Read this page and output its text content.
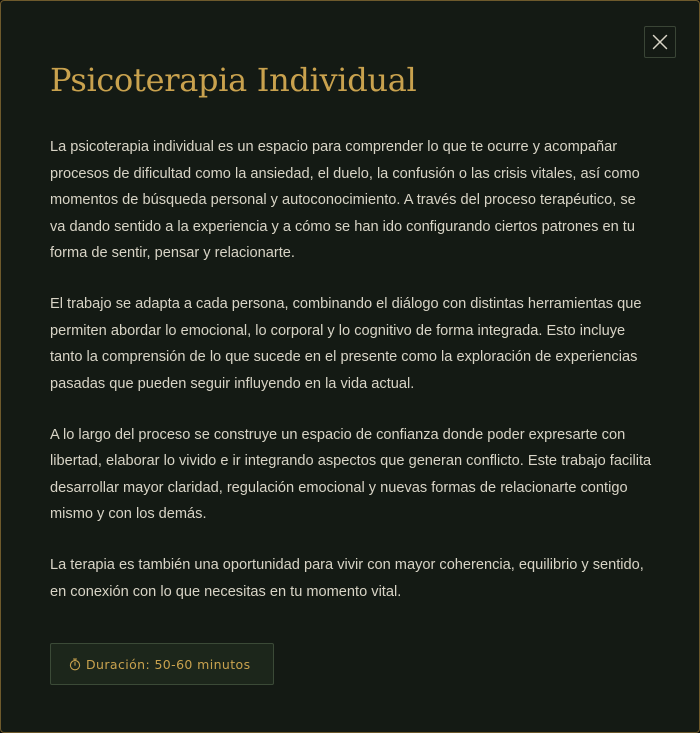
Psicoterapia Individual

La psicoterapia individual es un espacio para comprender lo que te ocurre y acompañar procesos de dificultad como la ansiedad, el duelo, la confusión o las crisis vitales, así como momentos de búsqueda personal y autoconocimiento. A través del proceso terapéutico, se va dando sentido a la experiencia y a cómo se han ido configurando ciertos patrones en tu forma de sentir, pensar y relacionarte.

El trabajo se adapta a cada persona, combinando el diálogo con distintas herramientas que permiten abordar lo emocional, lo corporal y lo cognitivo de forma integrada. Esto incluye tanto la comprensión de lo que sucede en el presente como la exploración de experiencias pasadas que pueden seguir influyendo en la vida actual.

A lo largo del proceso se construye un espacio de confianza donde poder expresarte con libertad, elaborar lo vivido e ir integrando aspectos que generan conflicto. Este trabajo facilita desarrollar mayor claridad, regulación emocional y nuevas formas de relacionarte contigo mismo y con los demás.

La terapia es también una oportunidad para vivir con mayor coherencia, equilibrio y sentido, en conexión con lo que necesitas en tu momento vital.

Duración: 50-60 minutos
